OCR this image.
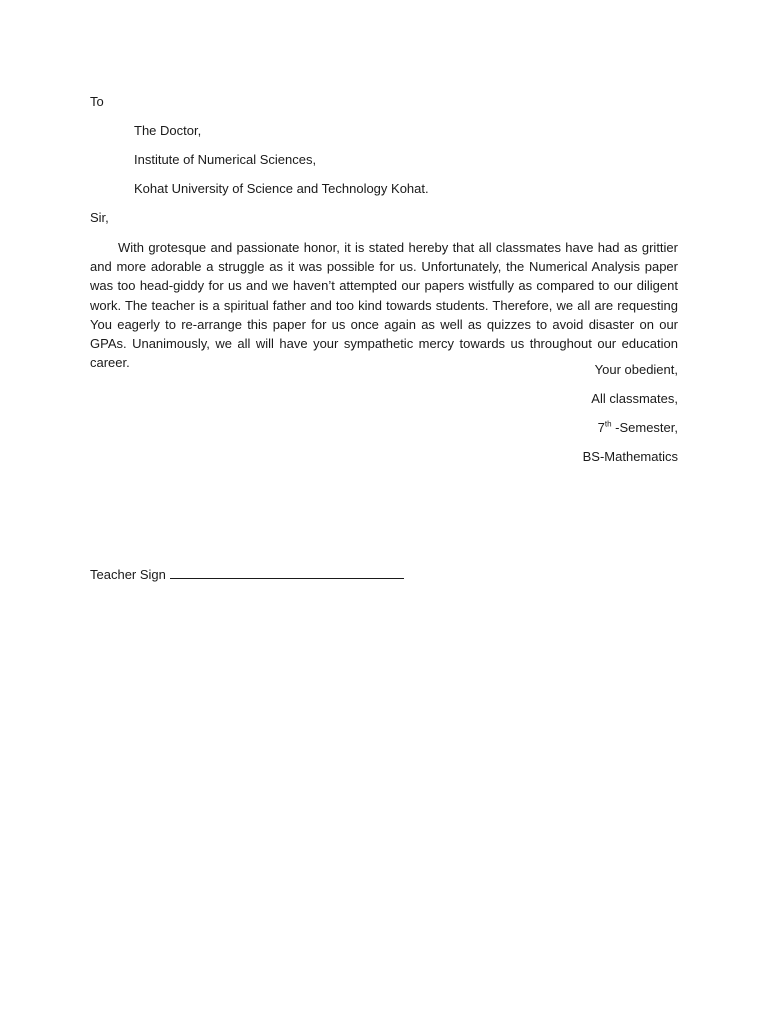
To
The Doctor,
Institute of Numerical Sciences,
Kohat University of Science and Technology Kohat.
Sir,
With grotesque and passionate honor, it is stated hereby that all classmates have had as grittier and more adorable a struggle as it was possible for us. Unfortunately, the Numerical Analysis paper was too head-giddy for us and we haven’t attempted our papers wistfully as compared to our diligent work. The teacher is a spiritual father and too kind towards students. Therefore, we all are requesting You eagerly to re-arrange this paper for us once again as well as quizzes to avoid disaster on our GPAs. Unanimously, we all will have your sympathetic mercy towards us throughout our education career.	Your obedient,
All classmates,
7th -Semester,
BS-Mathematics
Teacher Sign
